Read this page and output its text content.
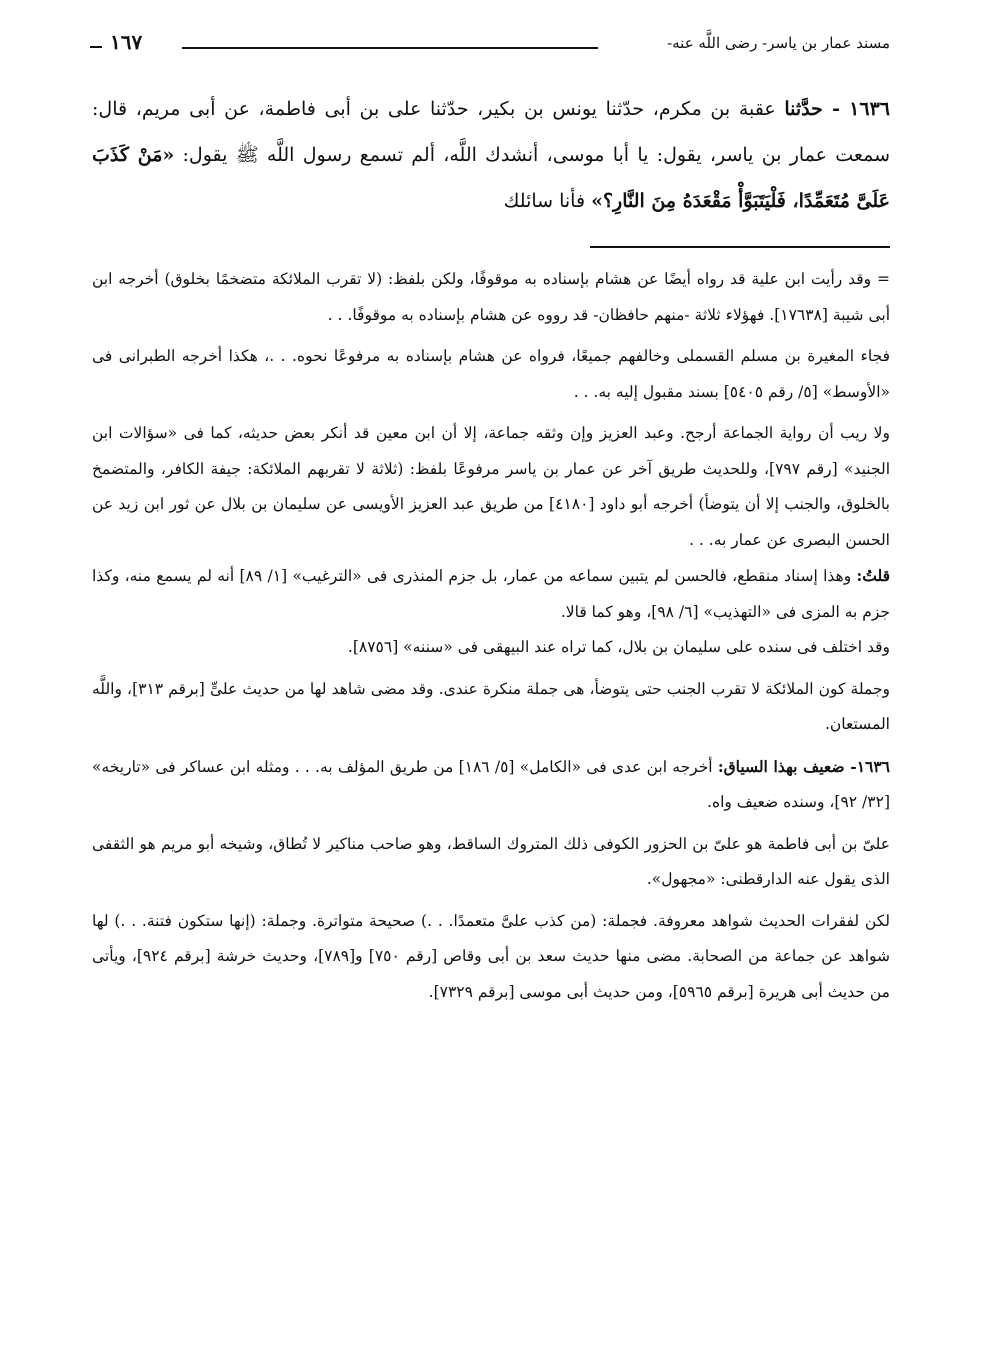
مسند عمار بن ياسر- رضى اللَّه عنه-
١٦٧

١٦٣٦ - حدَّثنا عقبة بن مكرم، حدّثنا يونس بن بكير، حدّثنا على بن أبى فاطمة، عن أبى مريم، قال: سمعت عمار بن ياسر، يقول: يا أبا موسى، أنشدك اللَّه، ألم تسمع رسول اللَّه ﷺ يقول: «مَنْ كَذَبَ عَلَىَّ مُتَعَمِّدًا، فَلْيَتَبَوَّأْ مَقْعَدَهُ مِنَ النَّارِ؟» فأنا سائلك

= وقد رأيت ابن علية قد رواه أيضًا عن هشام بإسناده به موقوفًا، ولكن بلفظ: (لا تقرب الملائكة متضخمًا بخلوق) أخرجه ابن أبى شيبة [١٧٦٣٨]. فهؤلاء ثلاثة -منهم حافظان- قد رووه عن هشام بإسناده به موقوفًا. . .

فجاء المغيرة بن مسلم القسملى وخالفهم جميعًا، فرواه عن هشام بإسناده به مرفوعًا نحوه. . .، هكذا أخرجه الطبرانى فى «الأوسط» [٥/ رقم ٥٤٠٥] بسند مقبول إليه به. . .

ولا ريب أن رواية الجماعة أرجح. وعبد العزيز وإن وثقه جماعة، إلا أن ابن معين قد أنكر بعض حديثه، كما فى «سؤالات ابن الجنيد» [رقم ٧٩٧]، وللحديث طريق آخر عن عمار بن ياسر مرفوعًا بلفظ: (ثلاثة لا تقربهم الملائكة: جيفة الكافر، والمتضمخ بالخلوق، والجنب إلا أن يتوضأ) أخرجه أبو داود [٤١٨٠] من طريق عبد العزيز الأويسى عن سليمان بن بلال عن ثور ابن زيد عن الحسن البصرى عن عمار به. . .

قلتُ: وهذا إسناد منقطع، فالحسن لم يتبين سماعه من عمار، بل جزم المنذرى فى «الترغيب» [١/ ٨٩] أنه لم يسمع منه، وكذا جزم به المزى فى «التهذيب» [٦/ ٩٨]، وهو كما قالا.

وقد اختلف فى سنده على سليمان بن بلال، كما تراه عند البيهقى فى «سننه» [٨٧٥٦].

وجملة كون الملائكة لا تقرب الجنب حتى يتوضأ، هى جملة منكرة عندى. وقد مضى شاهد لها من حديث علىٍّ [برقم ٣١٣]، واللَّه المستعان.

١٦٣٦- ضعيف بهذا السياق: أخرجه ابن عدى فى «الكامل» [٥/ ١٨٦] من طريق المؤلف به. . . ومثله ابن عساكر فى «تاريخه» [٣٢/ ٩٢]، وسنده ضعيف واه.

علىّ بن أبى فاطمة هو علىّ بن الحزور الكوفى ذلك المتروك الساقط، وهو صاحب مناكير لا تُطاق، وشيخه أبو مريم هو الثقفى الذى يقول عنه الدارقطنى: «مجهول».

لكن لفقرات الحديث شواهد معروفة. فجملة: (من كذب علىَّ متعمدًا. . .) صحيحة متواترة. وجملة: (إنها ستكون فتنة. . .) لها شواهد عن جماعة من الصحابة. مضى منها حديث سعد بن أبى وقاص [رقم ٧٥٠] و[٧٨٩]، وحديث خرشة [برقم ٩٢٤]، ويأتى من حديث أبى هريرة [برقم ٥٩٦٥]، ومن حديث أبى موسى [برقم ٧٣٢٩].
